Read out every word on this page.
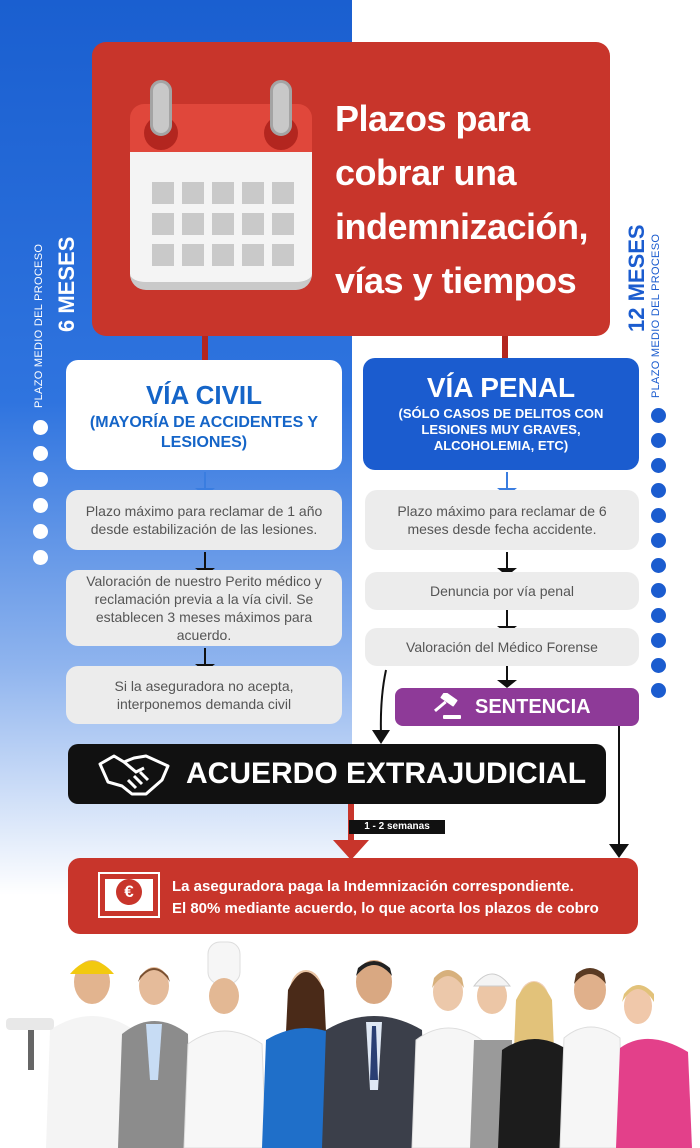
PLAZO MEDIO DEL PROCESO 6 MESES	12 MESES PLAZO MEDIO DEL PROCESO
Plazos para cobrar una indemnización, vías y tiempos
VÍA CIVIL
(MAYORÍA DE ACCIDENTES Y LESIONES)
Plazo máximo para reclamar de 1 año desde estabilización de las lesiones.
Valoración de nuestro Perito médico y reclamación previa a la vía civil. Se establecen 3 meses máximos para acuerdo.
Si la aseguradora no acepta, interponemos demanda civil
VÍA PENAL
(SÓLO CASOS DE DELITOS CON LESIONES MUY GRAVES, ALCOHOLEMIA, ETC)
Plazo máximo para reclamar de 6 meses desde fecha accidente.
Denuncia por vía penal
Valoración del Médico Forense
SENTENCIA
ACUERDO EXTRAJUDICIAL
1 - 2 semanas
€	La aseguradora paga la Indemnización correspondiente.
El 80% mediante acuerdo, lo que acorta los plazos de cobro
